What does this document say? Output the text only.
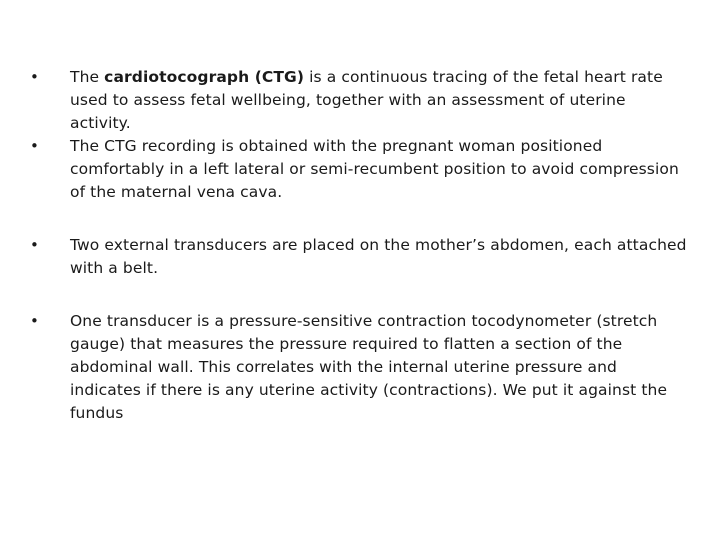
•	The cardiotocograph (CTG) is a continuous tracing of the fetal heart rate used to assess fetal wellbeing, together with an assessment of uterine activity.
•	The CTG recording is obtained with the pregnant woman positioned comfortably in a left lateral or semi-recumbent position to avoid compression of the maternal vena cava.
•	Two external transducers are placed on the mother’s abdomen, each attached with a belt.
•	One transducer is a pressure-sensitive contraction tocodynometer (stretch gauge) that measures the pressure required to flatten a section of the abdominal wall. This correlates with the internal uterine pressure and indicates if there is any uterine activity (contractions). We put it against the fundus
